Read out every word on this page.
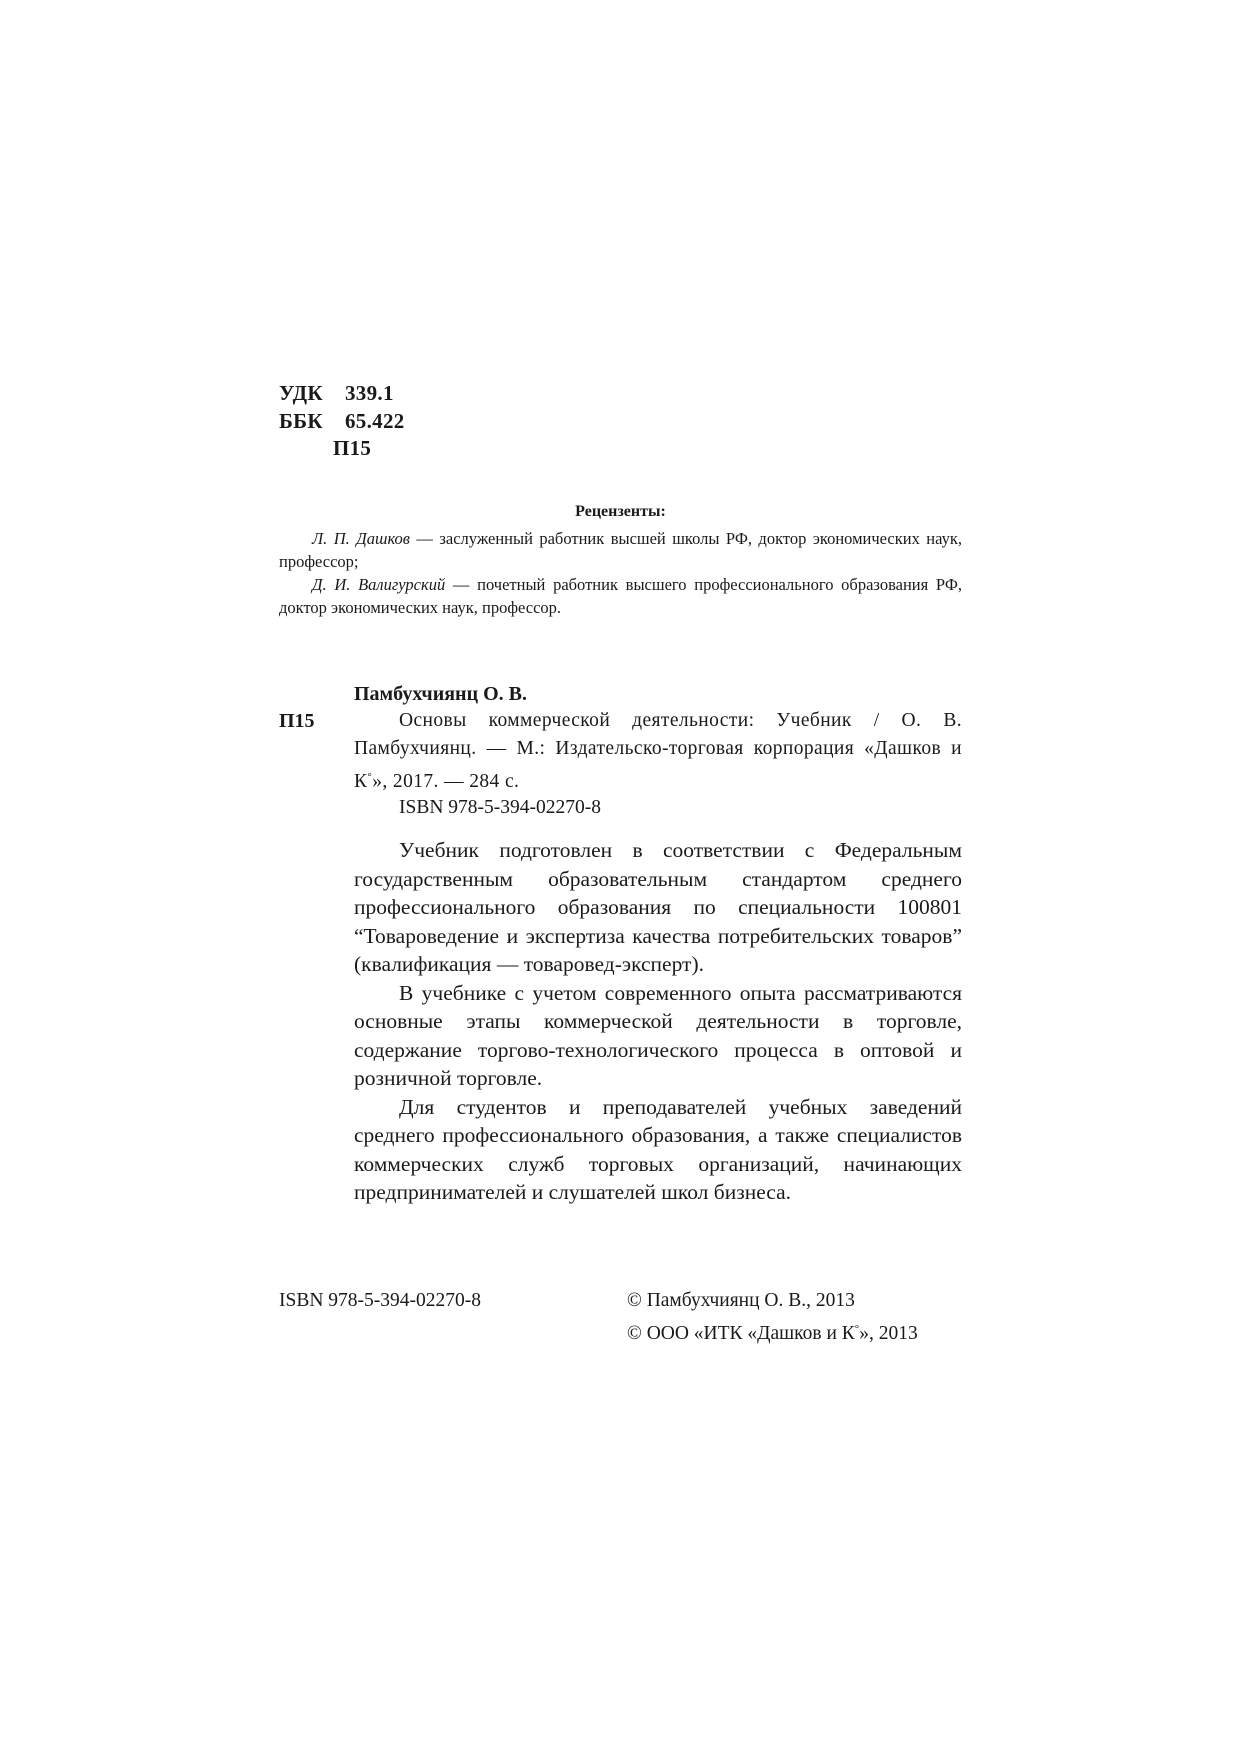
УДК 339.1
ББК 65.422
П15
Рецензенты:

Л. П. Дашков — заслуженный работник высшей школы РФ, доктор экономических наук, профессор;

Д. И. Валигурский — почетный работник высшего профессионального образования РФ, доктор экономических наук, профессор.

Памбухчиянц О. В.
П15	Основы коммерческой деятельности: Учебник / О. В. Памбухчиянц. — М.: Издательско-торговая корпорация «Дашков и К°», 2017. — 284 с.

ISBN 978-5-394-02270-8

Учебник подготовлен в соответствии с Федеральным государственным образовательным стандартом среднего профессионального образования по специальности 100801 “Товароведение и экспертиза качества потребительских товаров” (квалификация — товаровед-эксперт).

В учебнике с учетом современного опыта рассматриваются основные этапы коммерческой деятельности в торговле, содержание торгово-технологического процесса в оптовой и розничной торговле.

Для студентов и преподавателей учебных заведений среднего профессионального образования, а также специалистов коммерческих служб торговых организаций, начинающих предпринимателей и слушателей школ бизнеса.

ISBN 978-5-394-02270-8	© Памбухчиянц О. В., 2013
© ООО «ИТК «Дашков и К°», 2013
